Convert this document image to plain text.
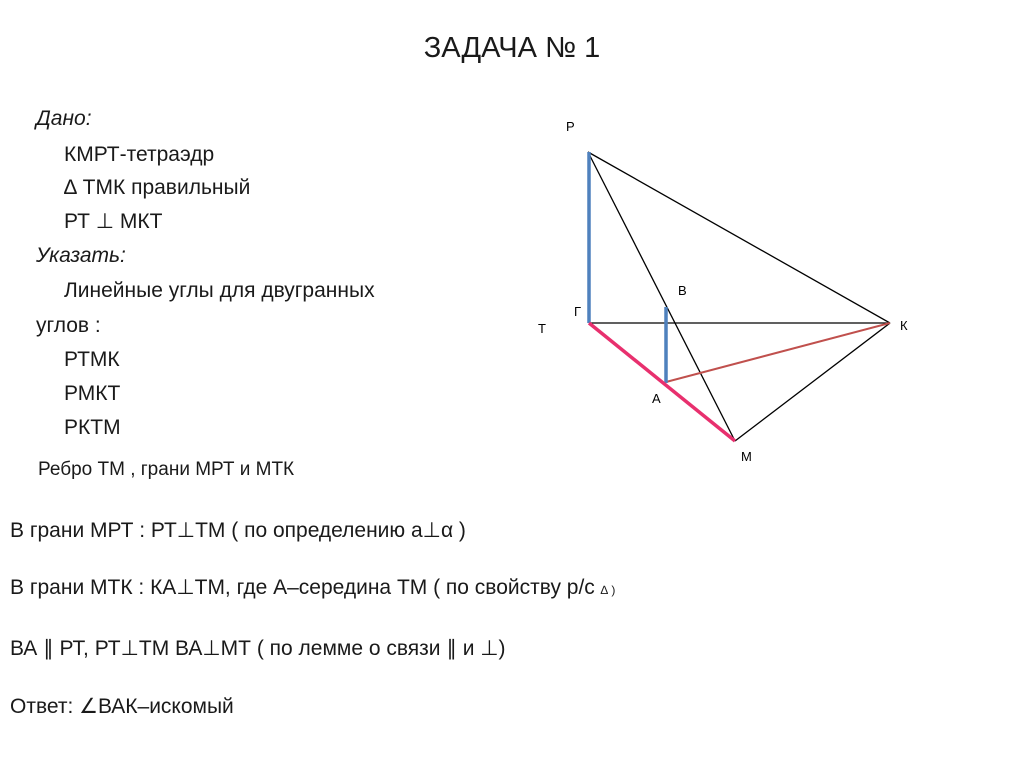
ЗАДАЧА № 1
Дано:
КМРТ-тетраэдр
∆ ТМК правильный
РТ ⊥ МКТ
Указать:
Линейные углы для двугранных
углов :
РТМК
РМКТ
РКТМ
Ребро ТМ , грани МРТ и МТК
В грани МРТ : РТ⊥ТМ ( по определению a⊥α )
В грани МТК : КА⊥ТМ, где А–середина ТМ ( по свойству р/с ∆ )
ВА ∥ РТ, РТ⊥ТМ ВА⊥МТ ( по лемме о связи ∥ и ⊥)
Ответ: ∠ВАК–искомый
Р
Т
Г
В
К
А
М
